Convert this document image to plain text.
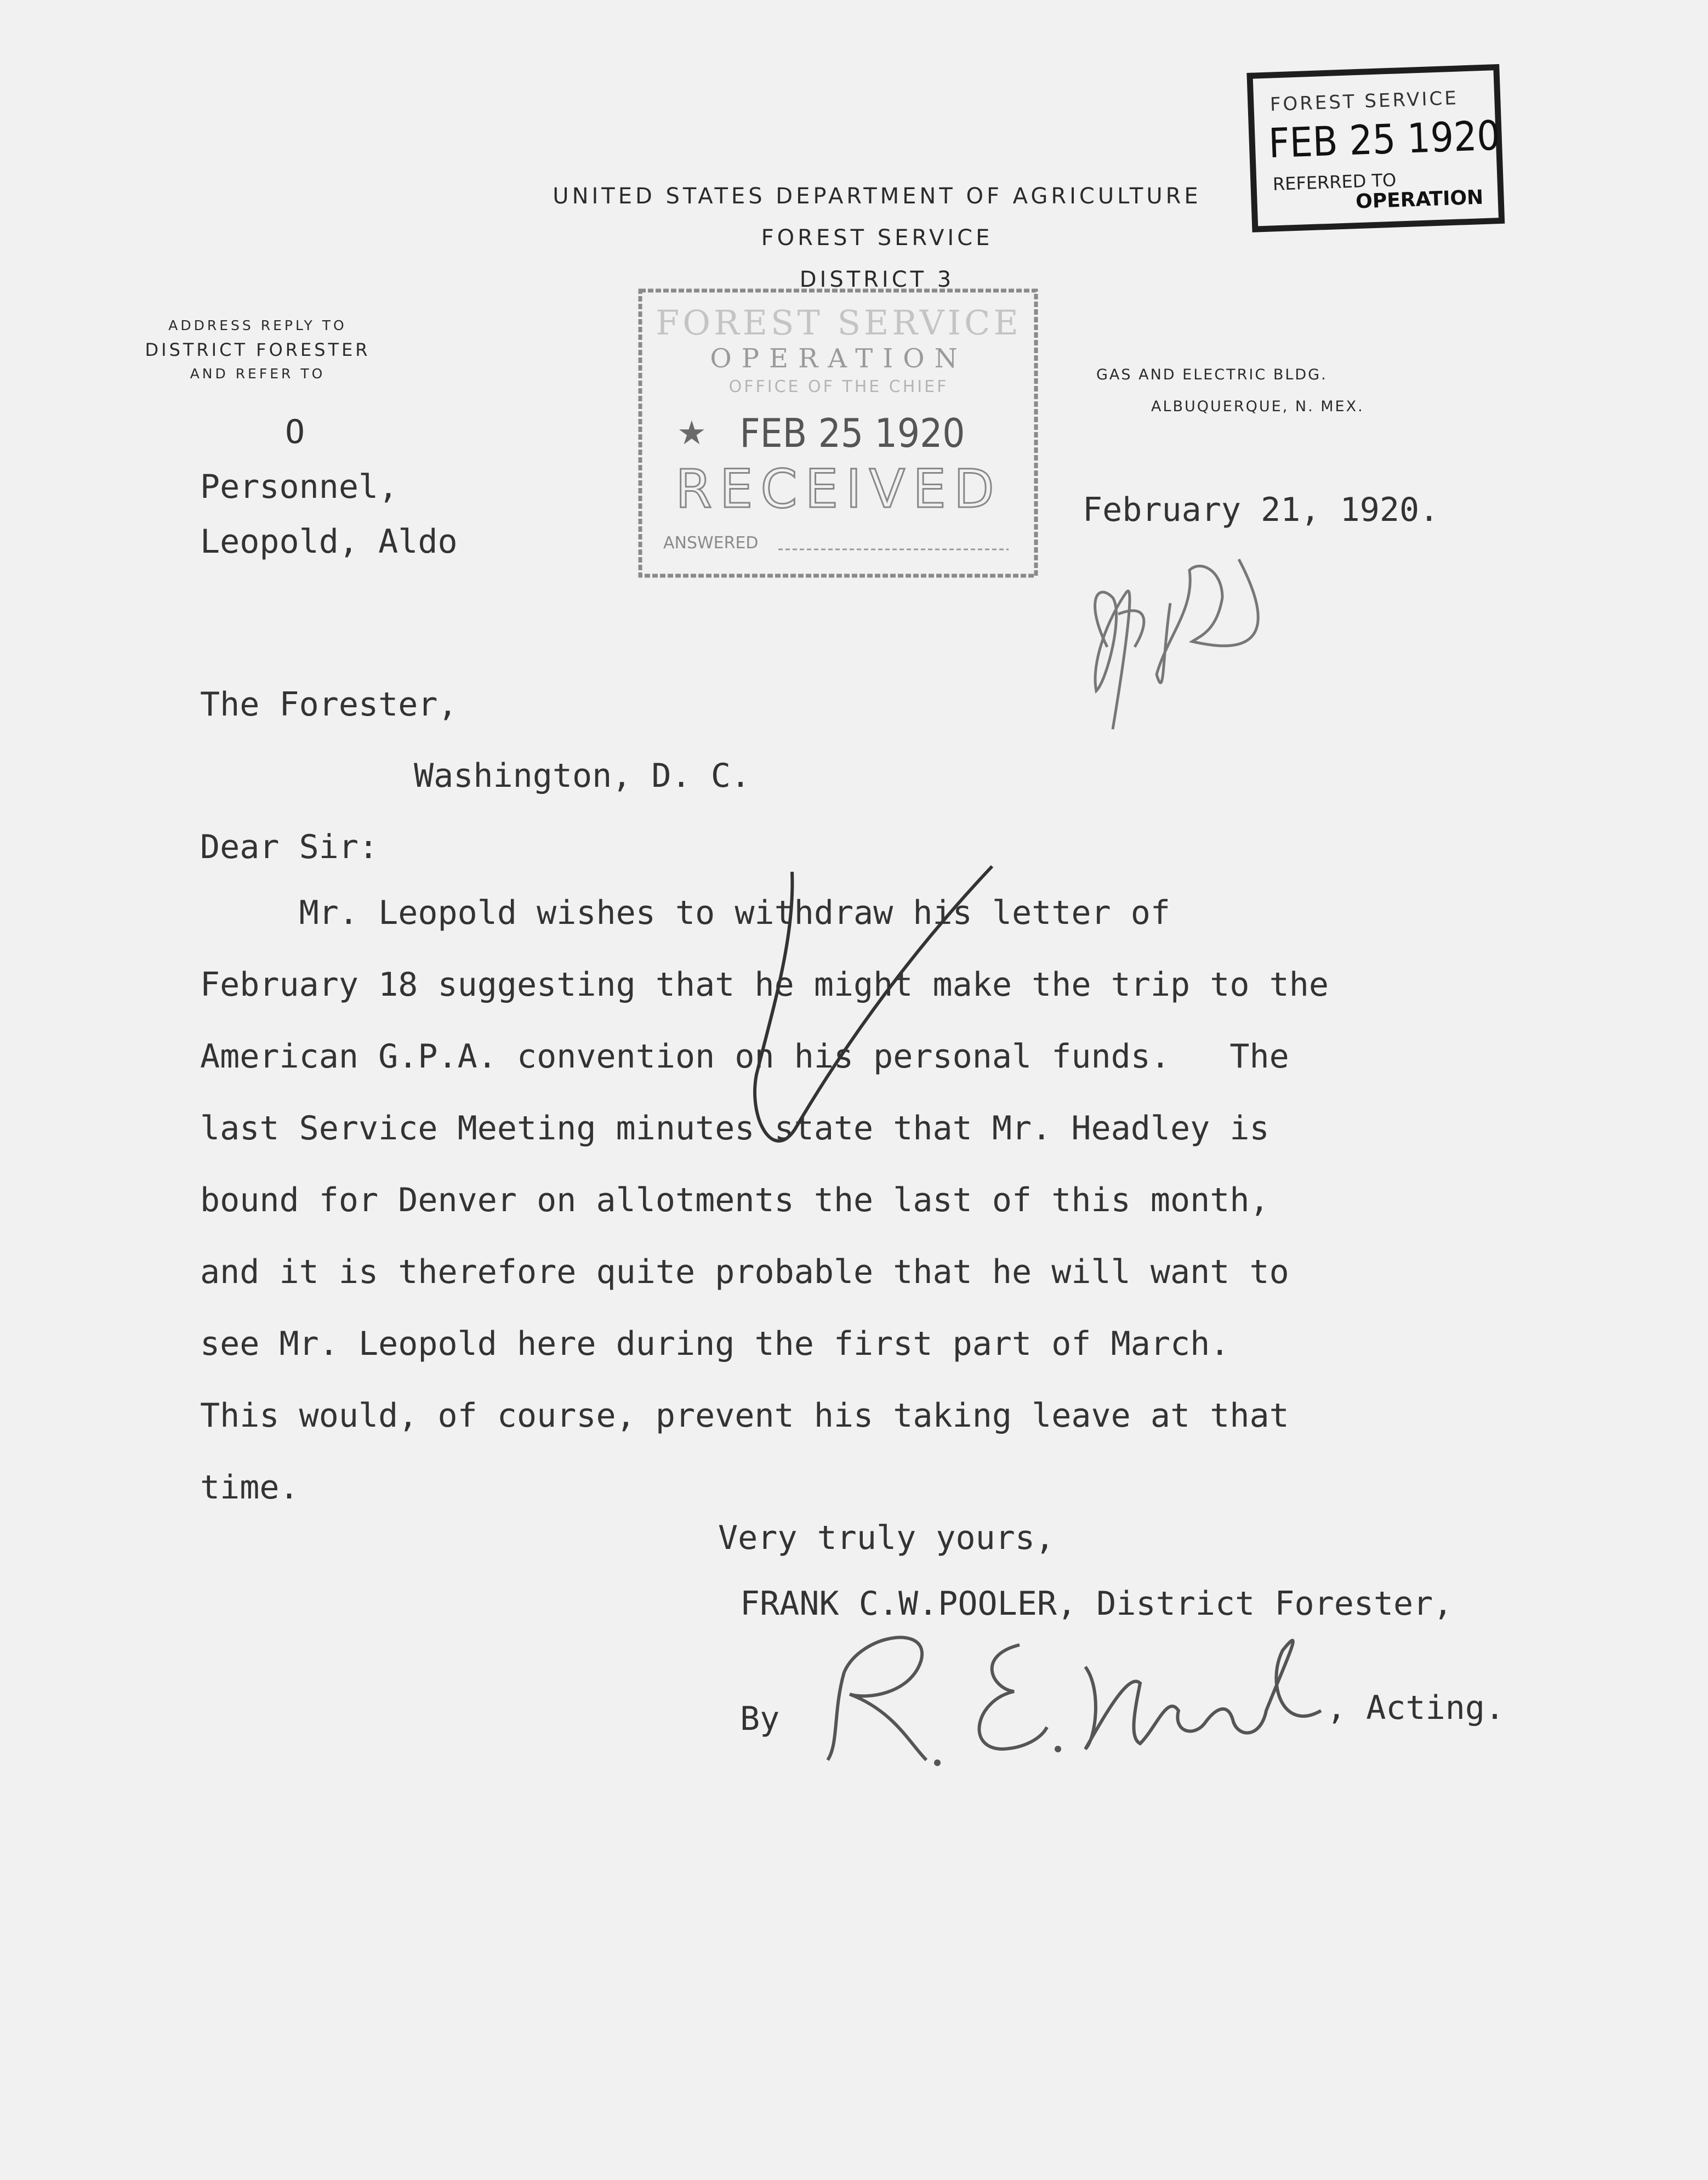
UNITED STATES DEPARTMENT OF AGRICULTURE
FOREST SERVICE
DISTRICT 3
ADDRESS REPLY TO
DISTRICT FORESTER
AND REFER TO	GAS AND ELECTRIC BLDG.
ALBUQUERQUE, N. MEX.
O
Personnel,
Leopold, Aldo
FOREST SERVICE
OPERATION
OFFICE OF THE CHIEF
★ FEB 25 1920
RECEIVED
ANSWERED
FOREST SERVICE
FEB 25 1920
REFERRED TO
OPERATION
February 21, 1920.
The Forester,
Washington, D. C.
Dear Sir:
Mr. Leopold wishes to withdraw his letter of
February 18 suggesting that he might make the trip to the
American G.P.A. convention on his personal funds.   The
last Service Meeting minutes state that Mr. Headley is
bound for Denver on allotments the last of this month,
and it is therefore quite probable that he will want to
see Mr. Leopold here during the first part of March.
This would, of course, prevent his taking leave at that
time.
Very truly yours,
FRANK C.W.POOLER, District Forester,
By	, Acting.
